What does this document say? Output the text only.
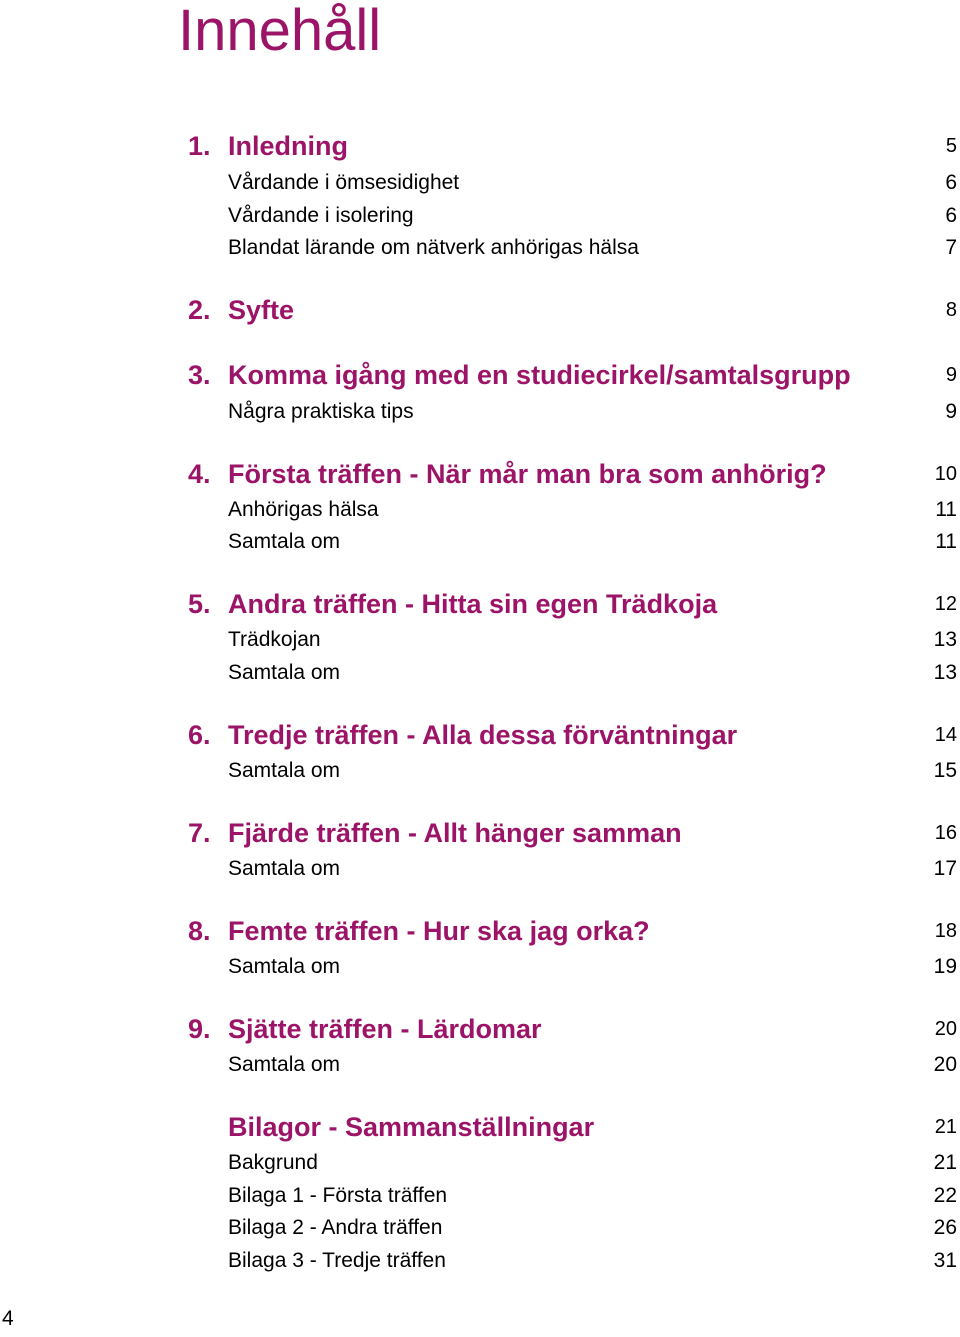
Innehåll
1. Inledning	5
Vårdande i ömsesidighet	6
Vårdande i isolering	6
Blandat lärande om nätverk anhörigas hälsa	7
2. Syfte	8
3. Komma igång med en studiecirkel/samtalsgrupp	9
Några praktiska tips	9
4. Första träffen - När mår man bra som anhörig?	10
Anhörigas hälsa	11
Samtala om	11
5. Andra träffen - Hitta sin egen Trädkoja	12
Trädkojan	13
Samtala om	13
6. Tredje träffen - Alla dessa förväntningar	14
Samtala om	15
7. Fjärde träffen - Allt hänger samman	16
Samtala om	17
8. Femte träffen - Hur ska jag orka?	18
Samtala om	19
9. Sjätte träffen - Lärdomar	20
Samtala om	20
Bilagor - Sammanställningar	21
Bakgrund	21
Bilaga 1 - Första träffen	22
Bilaga 2 - Andra träffen	26
Bilaga 3 - Tredje träffen	31
4
